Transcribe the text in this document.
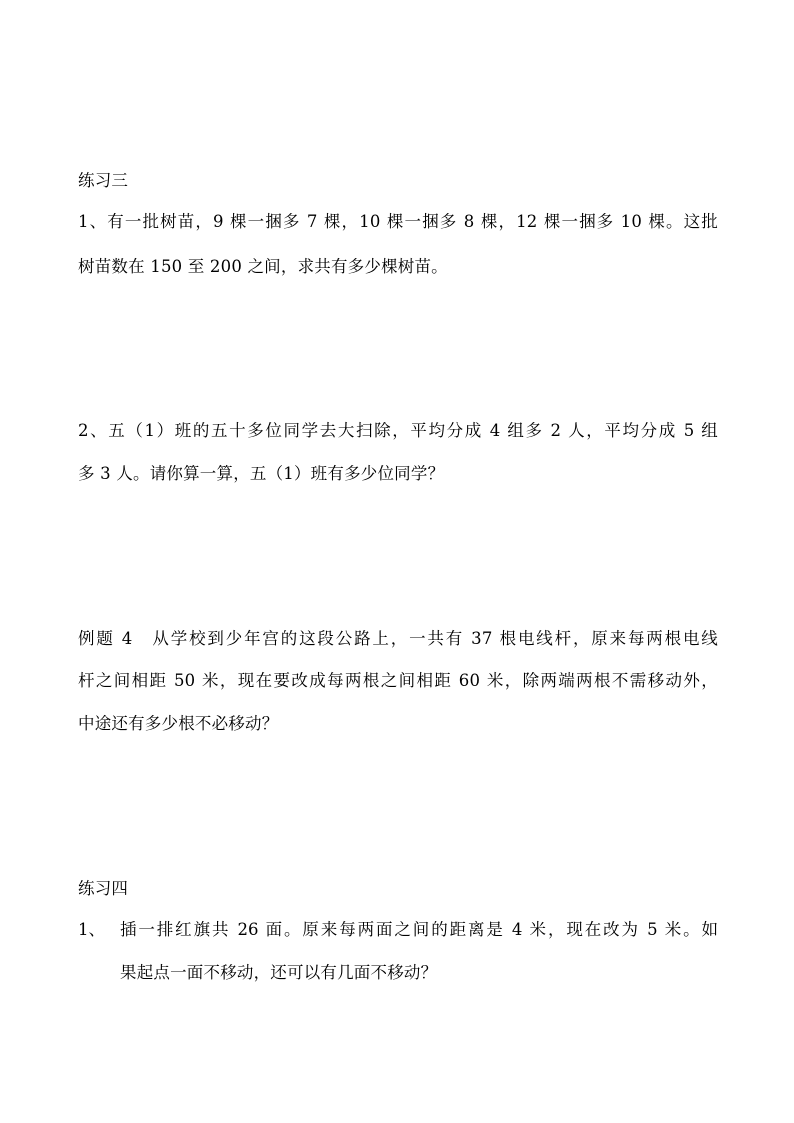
练习三
1、有一批树苗，9 棵一捆多 7 棵，10 棵一捆多 8 棵，12 棵一捆多 10 棵。这批
树苗数在 150 至 200 之间，求共有多少棵树苗。
2、五（1）班的五十多位同学去大扫除，平均分成 4 组多 2 人，平均分成 5 组
多 3 人。请你算一算，五（1）班有多少位同学？
例题 4　从学校到少年宫的这段公路上，一共有 37 根电线杆，原来每两根电线
杆之间相距 50 米，现在要改成每两根之间相距 60 米，除两端两根不需移动外，
中途还有多少根不必移动？
练习四
1、 插一排红旗共 26 面。原来每两面之间的距离是 4 米，现在改为 5 米。如
果起点一面不移动，还可以有几面不移动？
